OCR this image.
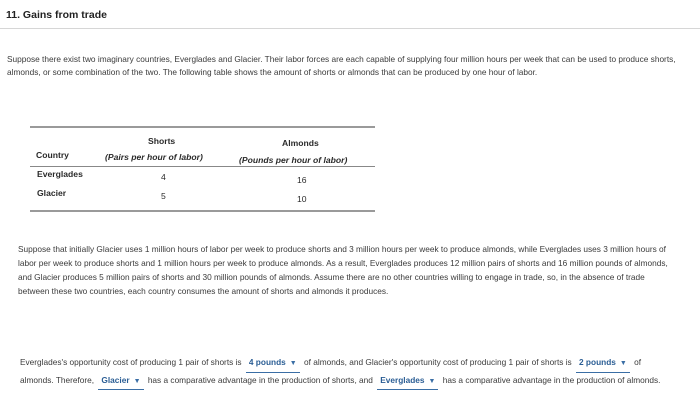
11. Gains from trade
Suppose there exist two imaginary countries, Everglades and Glacier. Their labor forces are each capable of supplying four million hours per week that can be used to produce shorts, almonds, or some combination of the two. The following table shows the amount of shorts or almonds that can be produced by one hour of labor.
Shorts	Almonds
Country	(Pairs per hour of labor)	(Pounds per hour of labor)
Everglades	4	16
Glacier	5	10
Suppose that initially Glacier uses 1 million hours of labor per week to produce shorts and 3 million hours per week to produce almonds, while Everglades uses 3 million hours of labor per week to produce shorts and 1 million hours per week to produce almonds. As a result, Everglades produces 12 million pairs of shorts and 16 million pounds of almonds, and Glacier produces 5 million pairs of shorts and 30 million pounds of almonds. Assume there are no other countries willing to engage in trade, so, in the absence of trade between these two countries, each country consumes the amount of shorts and almonds it produces.
Everglades's opportunity cost of producing 1 pair of shorts is 4 pounds ▼ of almonds, and Glacier's opportunity cost of producing 1 pair of shorts is 2 pounds ▼ of almonds. Therefore, Glacier ▼ has a comparative advantage in the production of shorts, and Everglades ▼ has a comparative advantage in the production of almonds.
